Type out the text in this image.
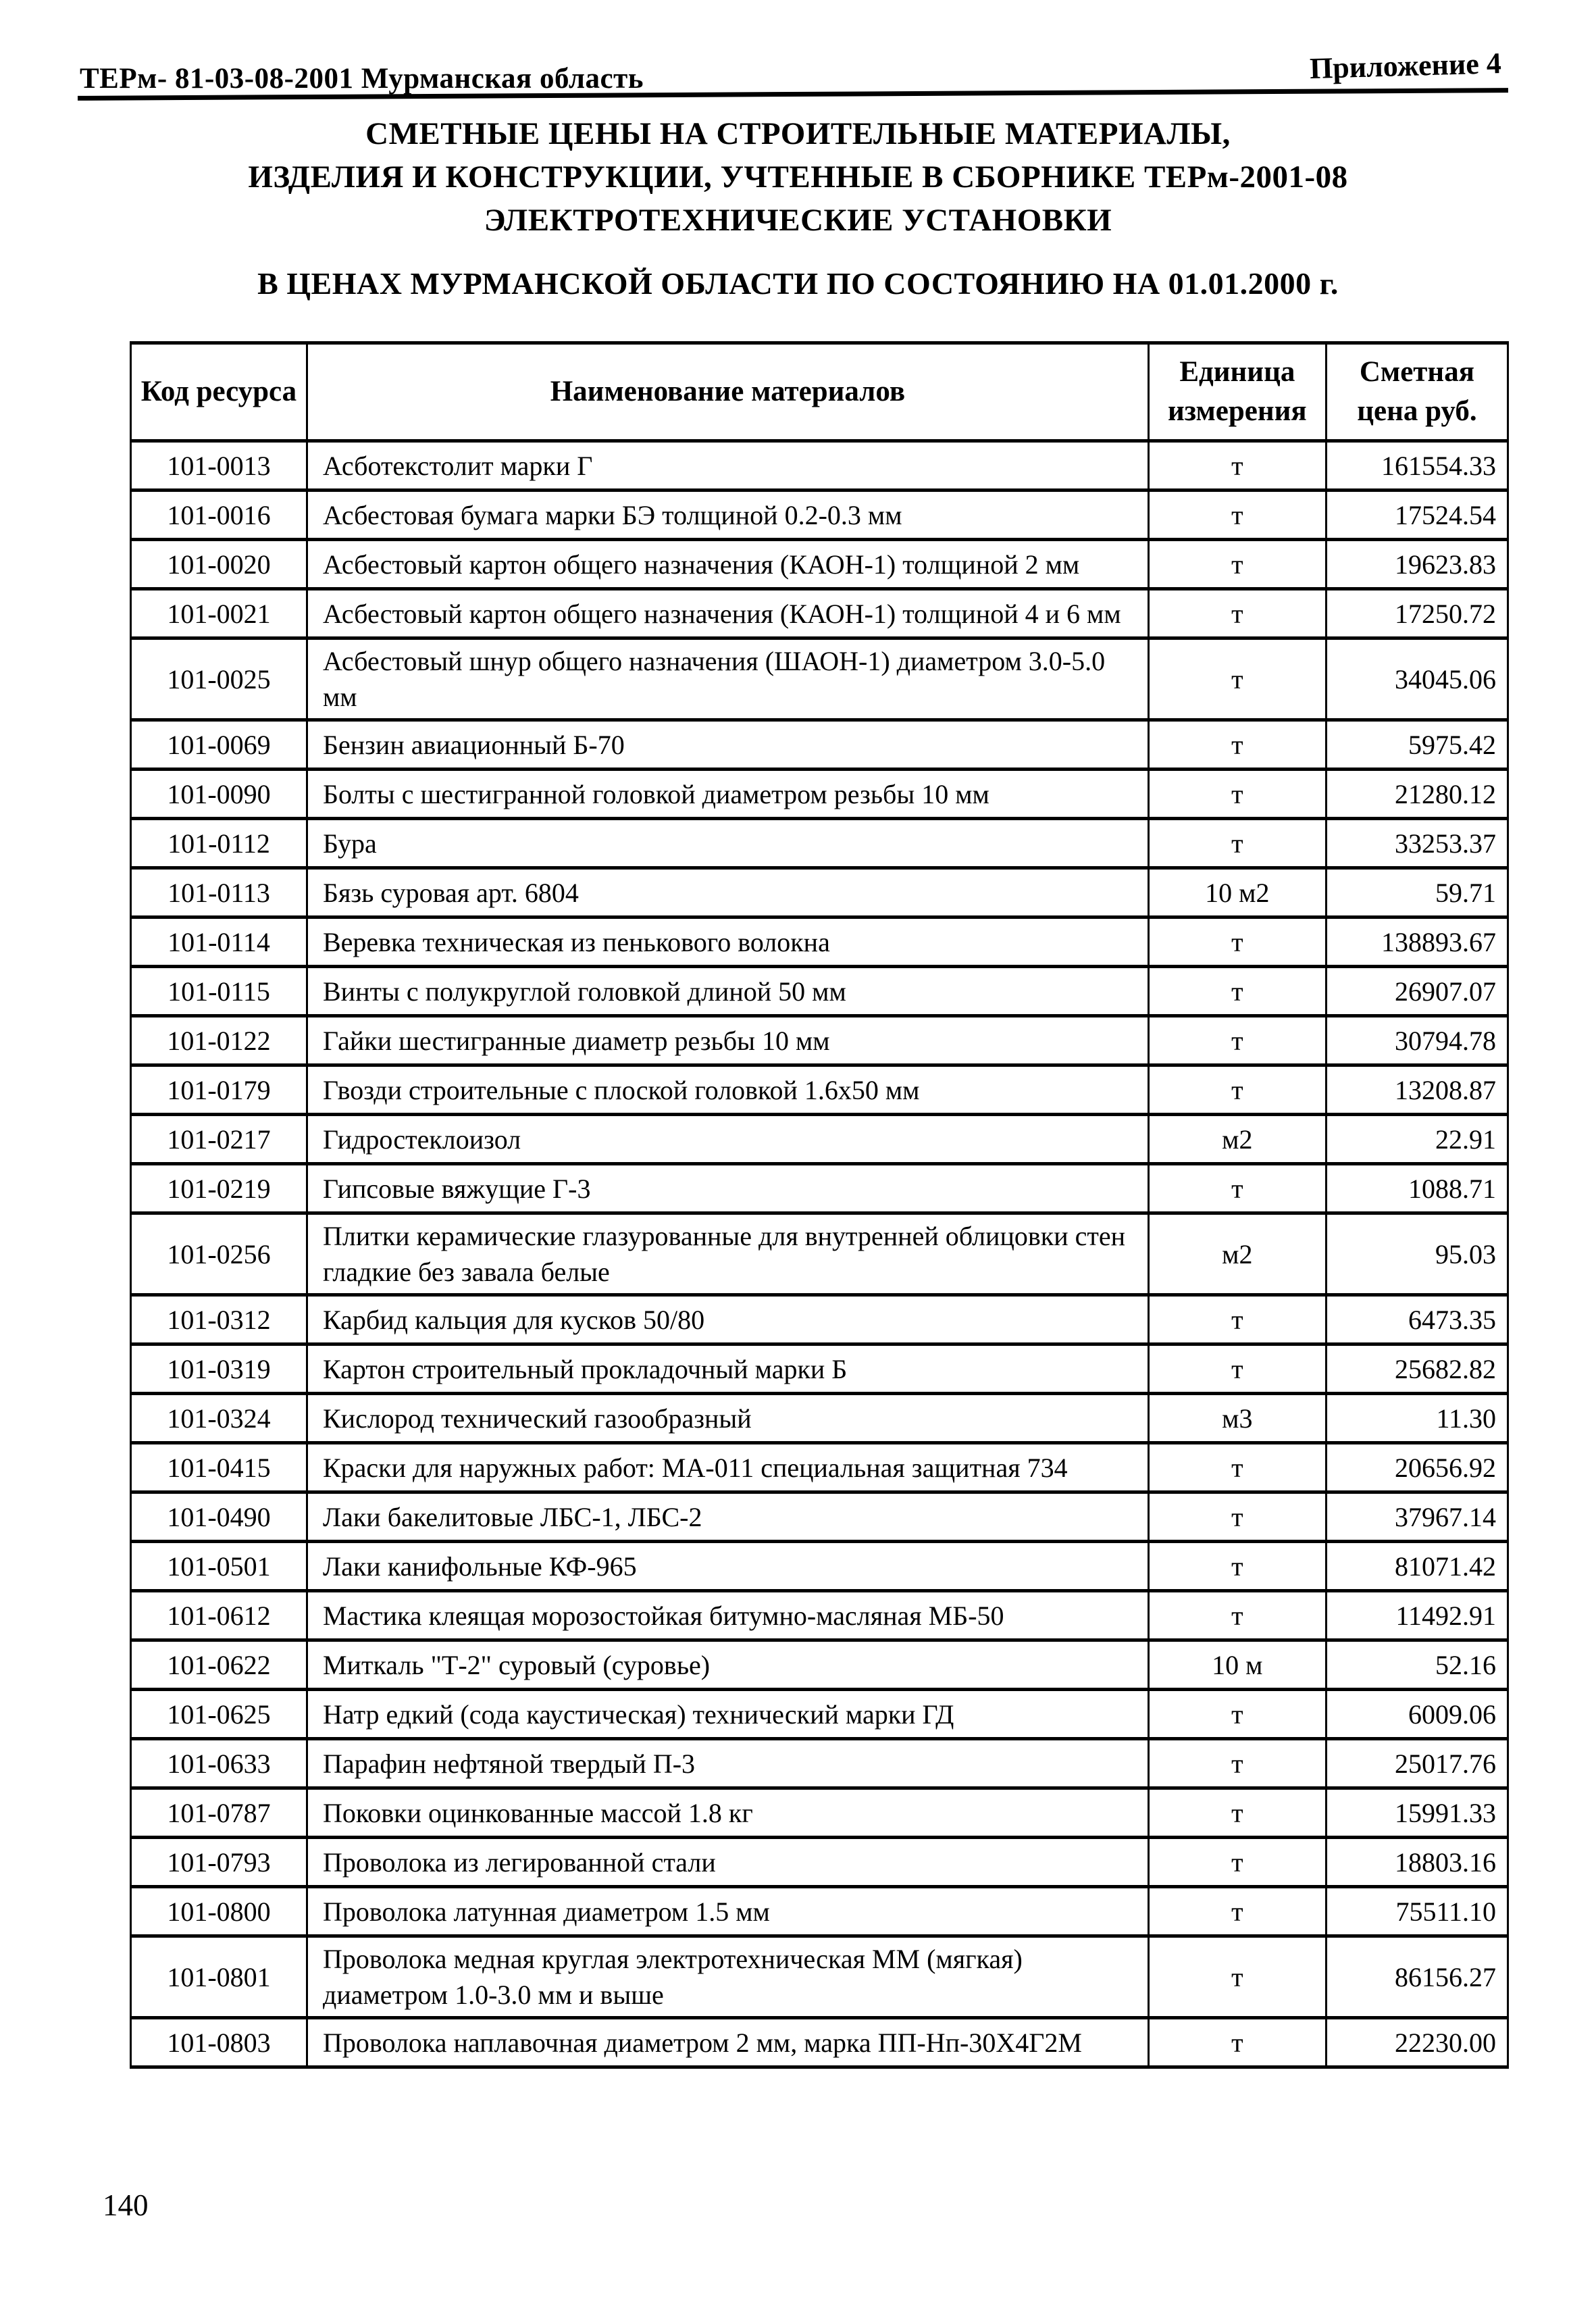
ТЕРм- 81-03-08-2001 Мурманская область	Приложение 4
СМЕТНЫЕ ЦЕНЫ НА СТРОИТЕЛЬНЫЕ МАТЕРИАЛЫ,
ИЗДЕЛИЯ И КОНСТРУКЦИИ, УЧТЕННЫЕ В СБОРНИКЕ ТЕРм-2001-08
ЭЛЕКТРОТЕХНИЧЕСКИЕ УСТАНОВКИ
В ЦЕНАХ МУРМАНСКОЙ ОБЛАСТИ ПО СОСТОЯНИЮ НА 01.01.2000 г.
Код ресурса	Наименование материалов	Единица измерения	Сметная цена руб.
101-0013	Асботекстолит марки Г	т	161554.33
101-0016	Асбестовая бумага марки БЭ толщиной 0.2-0.3 мм	т	17524.54
101-0020	Асбестовый картон общего назначения (КАОН-1) толщиной 2 мм	т	19623.83
101-0021	Асбестовый картон общего назначения (КАОН-1) толщиной 4 и 6 мм	т	17250.72
101-0025	Асбестовый шнур общего назначения (ШАОН-1) диаметром 3.0-5.0 мм	т	34045.06
101-0069	Бензин авиационный Б-70	т	5975.42
101-0090	Болты с шестигранной головкой диаметром резьбы 10 мм	т	21280.12
101-0112	Бура	т	33253.37
101-0113	Бязь суровая арт. 6804	10 м2	59.71
101-0114	Веревка техническая из пенькового волокна	т	138893.67
101-0115	Винты с полукруглой головкой длиной 50 мм	т	26907.07
101-0122	Гайки шестигранные диаметр резьбы 10 мм	т	30794.78
101-0179	Гвозди строительные с плоской головкой 1.6х50 мм	т	13208.87
101-0217	Гидростеклоизол	м2	22.91
101-0219	Гипсовые вяжущие Г-3	т	1088.71
101-0256	Плитки керамические глазурованные для внутренней облицовки стен гладкие без завала белые	м2	95.03
101-0312	Карбид кальция для кусков 50/80	т	6473.35
101-0319	Картон строительный прокладочный марки Б	т	25682.82
101-0324	Кислород технический газообразный	м3	11.30
101-0415	Краски для наружных работ: МА-011 специальная защитная 734	т	20656.92
101-0490	Лаки бакелитовые ЛБС-1, ЛБС-2	т	37967.14
101-0501	Лаки канифольные КФ-965	т	81071.42
101-0612	Мастика клеящая морозостойкая битумно-масляная МБ-50	т	11492.91
101-0622	Миткаль "Т-2" суровый (суровье)	10 м	52.16
101-0625	Натр едкий (сода каустическая) технический марки ГД	т	6009.06
101-0633	Парафин нефтяной твердый П-3	т	25017.76
101-0787	Поковки оцинкованные массой 1.8 кг	т	15991.33
101-0793	Проволока из легированной стали	т	18803.16
101-0800	Проволока латунная диаметром 1.5 мм	т	75511.10
101-0801	Проволока медная круглая электротехническая ММ (мягкая) диаметром 1.0-3.0 мм и выше	т	86156.27
101-0803	Проволока наплавочная диаметром 2 мм, марка ПП-Нп-30Х4Г2М	т	22230.00
140
